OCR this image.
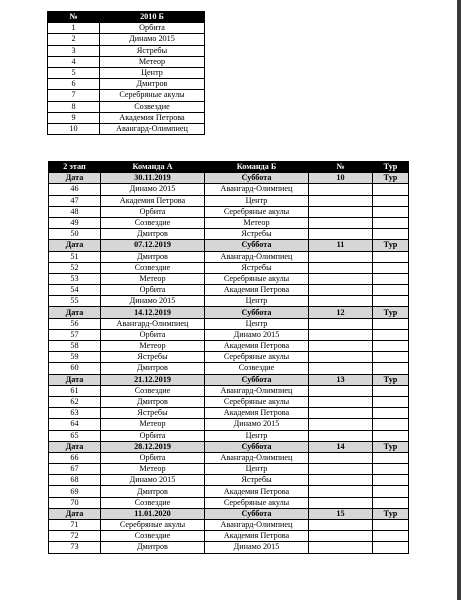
№	2010 Б
1	Орбита
2	Динамо 2015
3	Ястребы
4	Метеор
5	Центр
6	Дмитров
7	Серебряные акулы
8	Созвездие
9	Академия Петрова
10	Авангард-Олимпиец
2 этап	Команда А	Команда Б	№	Тур
Дата	30.11.2019	Суббота	10	Тур
46	Динамо 2015	Авангард-Олимпиец		
47	Академия Петрова	Центр		
48	Орбита	Серебряные акулы		
49	Созвездие	Метеор		
50	Дмитров	Ястребы		
Дата	07.12.2019	Суббота	11	Тур
51	Дмитров	Авангард-Олимпиец		
52	Созвездие	Ястребы		
53	Метеор	Серебряные акулы		
54	Орбита	Академия Петрова		
55	Динамо 2015	Центр		
Дата	14.12.2019	Суббота	12	Тур
56	Авангард-Олимпиец	Центр		
57	Орбита	Динамо 2015		
58	Метеор	Академия Петрова		
59	Ястребы	Серебряные акулы		
60	Дмитров	Созвездие		
Дата	21.12.2019	Суббота	13	Тур
61	Созвездие	Авангард-Олимпиец		
62	Дмитров	Серебряные акулы		
63	Ястребы	Академия Петрова		
64	Метеор	Динамо 2015		
65	Орбита	Центр		
Дата	28.12.2019	Суббота	14	Тур
66	Орбита	Авангард-Олимпиец		
67	Метеор	Центр		
68	Динамо 2015	Ястребы		
69	Дмитров	Академия Петрова		
70	Созвездие	Серебряные акулы		
Дата	11.01.2020	Суббота	15	Тур
71	Серебряные акулы	Авангард-Олимпиец		
72	Созвездие	Академия Петрова		
73	Дмитров	Динамо 2015		
